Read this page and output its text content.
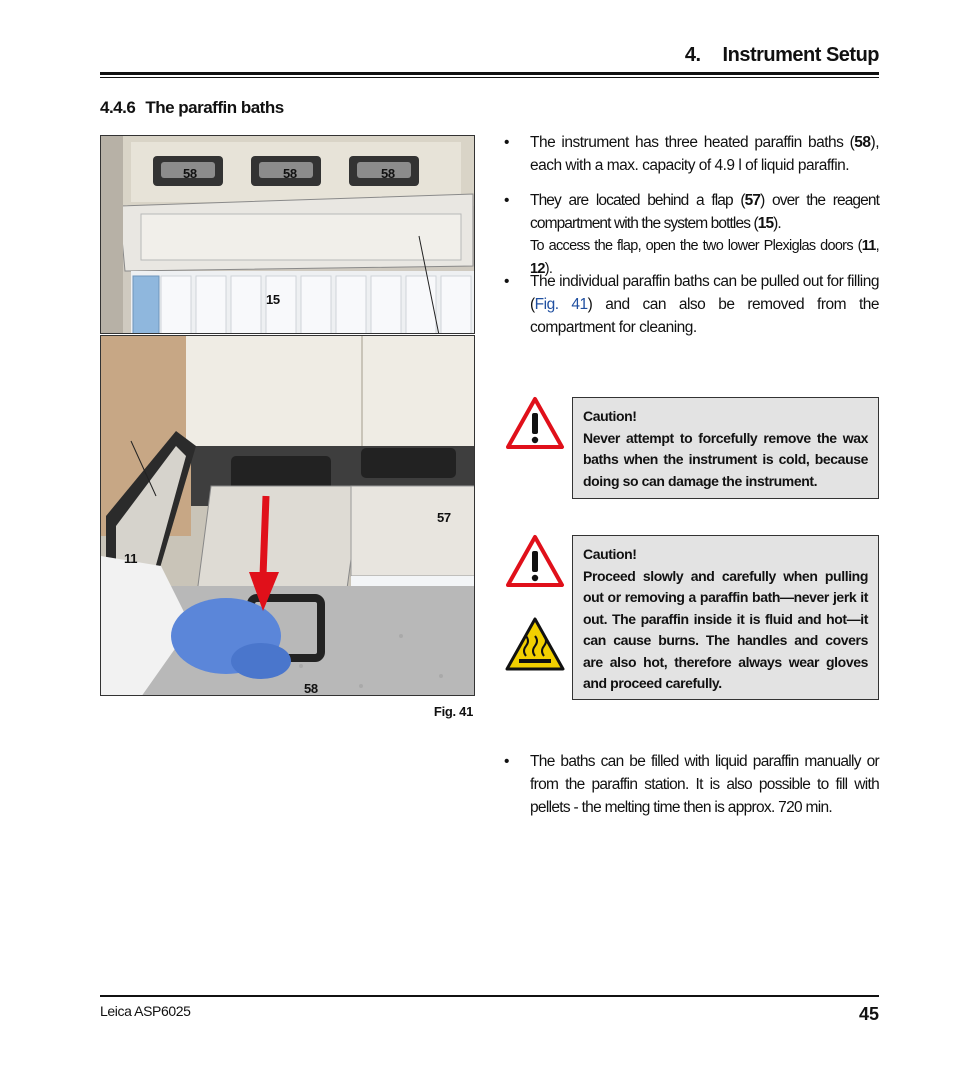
4. Instrument Setup
4.4.6 The paraffin baths
58	58	58
15
57
11
58
Fig. 41
• The instrument has three heated paraffin baths (58), each with a max. capacity of 4.9 l of liquid paraffin.
• They are located behind a flap (57) over the reagent compartment with the system bottles (15).
To access the flap, open the two lower Plexiglas doors (11, 12).
• The individual paraffin baths can be pulled out for filling (Fig. 41) and can also be removed from the compartment for cleaning.
Caution!
Never attempt to forcefully remove the wax baths when the instrument is cold, because doing so can damage the instrument.
Caution!
Proceed slowly and carefully when pulling out or removing a paraffin bath—never jerk it out. The paraffin inside it is fluid and hot—it can cause burns. The handles and covers are also hot, therefore always wear gloves and proceed carefully.
• The baths can be filled with liquid paraffin manually or from the paraffin station. It is also possible to fill with pellets - the melting time then is approx. 720 min.
Leica ASP6025	45
